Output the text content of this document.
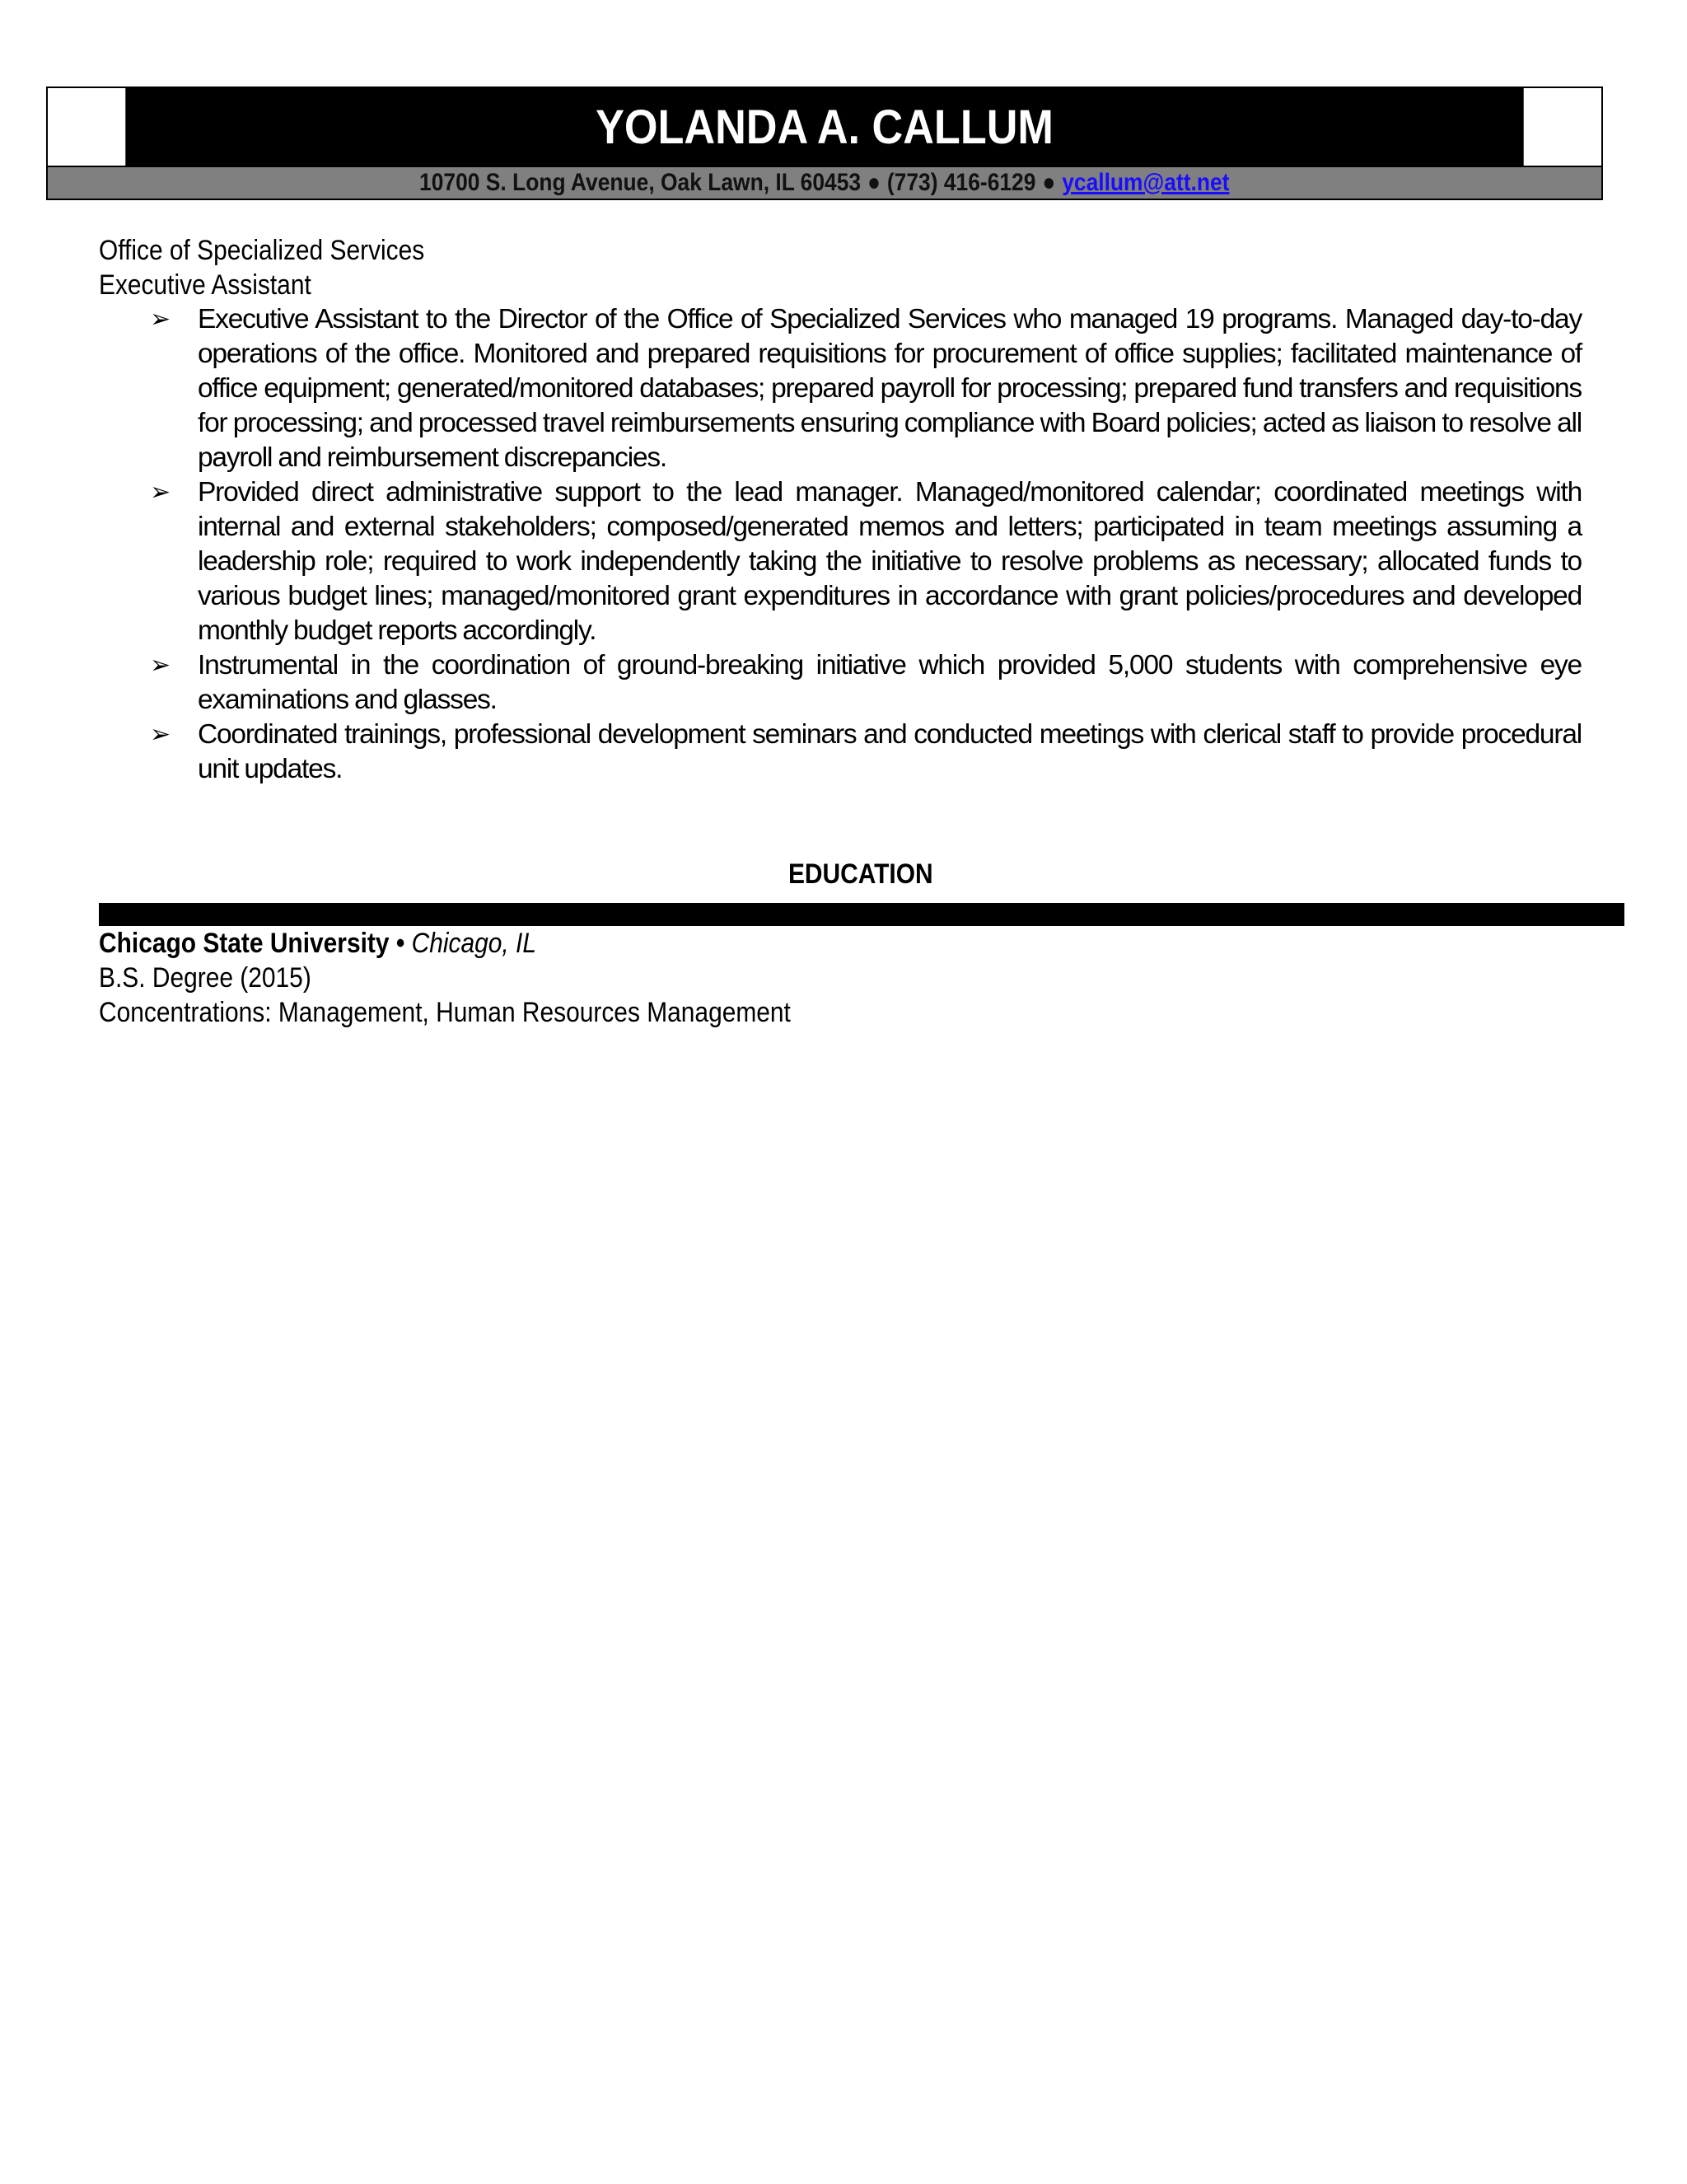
YOLANDA A. CALLUM
10700 S. Long Avenue, Oak Lawn, IL 60453 ● (773) 416-6129 ● ycallum@att.net
Office of Specialized Services
Executive Assistant
➢ Executive Assistant to the Director of the Office of Specialized Services who managed 19 programs. Managed day-to-day operations of the office. Monitored and prepared requisitions for procurement of office supplies; facilitated maintenance of office equipment; generated/monitored databases; prepared payroll for processing; prepared fund transfers and requisitions for processing; and processed travel reimbursements ensuring compliance with Board policies; acted as liaison to resolve all payroll and reimbursement discrepancies.
➢ Provided direct administrative support to the lead manager. Managed/monitored calendar; coordinated meetings with internal and external stakeholders; composed/generated memos and letters; participated in team meetings assuming a leadership role; required to work independently taking the initiative to resolve problems as necessary; allocated funds to various budget lines; managed/monitored grant expenditures in accordance with grant policies/procedures and developed monthly budget reports accordingly.
➢ Instrumental in the coordination of ground-breaking initiative which provided 5,000 students with comprehensive eye examinations and glasses.
➢ Coordinated trainings, professional development seminars and conducted meetings with clerical staff to provide procedural unit updates.
EDUCATION
Chicago State University • Chicago, IL
B.S. Degree (2015)
Concentrations: Management, Human Resources Management
